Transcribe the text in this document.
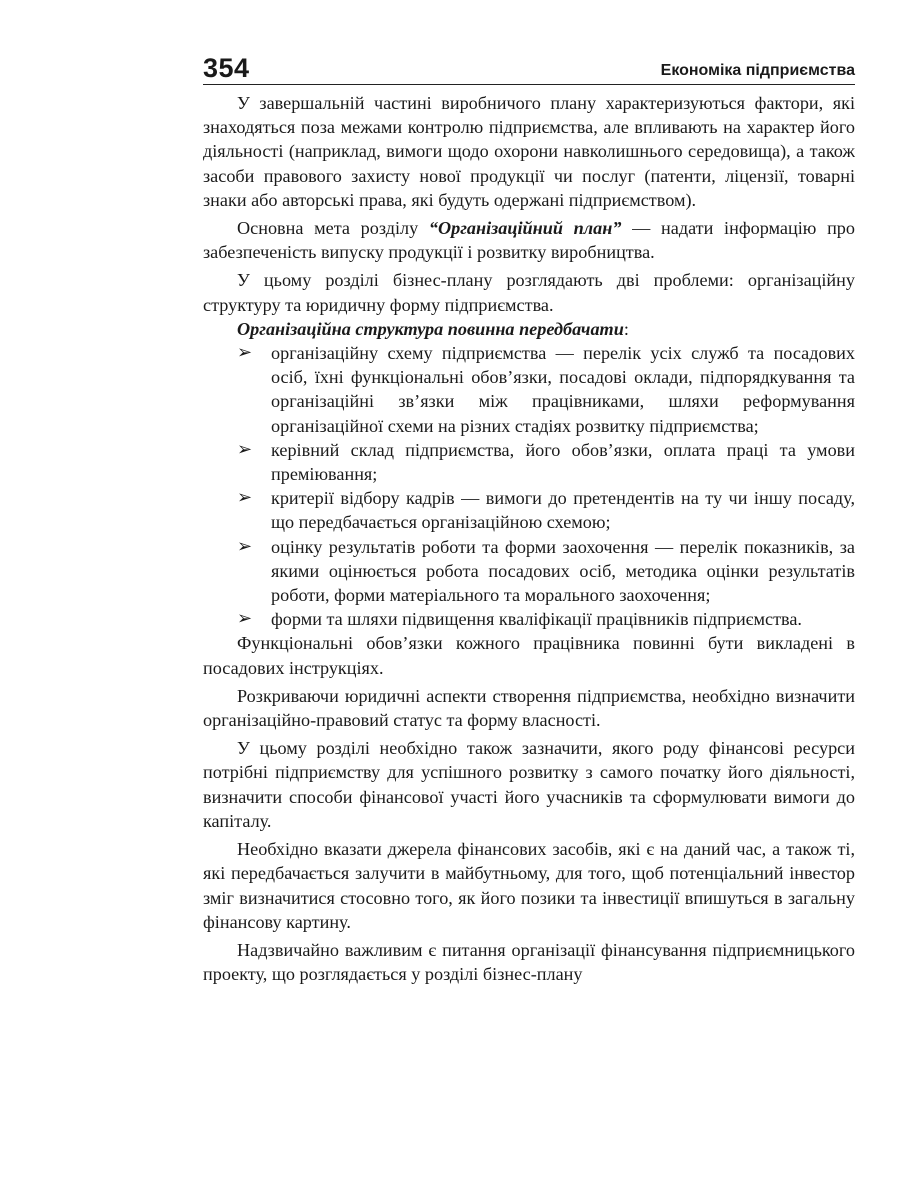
354	Економіка підприємства

У завершальній частині виробничого плану характеризуються фактори, які знаходяться поза межами контролю підприємства, але впливають на характер його діяльності (наприклад, вимоги щодо охорони навколишнього середовища), а також засоби правового захисту нової продукції чи послуг (патенти, ліцензії, товарні знаки або авторські права, які будуть одержані підприємством).

Основна мета розділу “Організаційний план” — надати інформацію про забезпеченість випуску продукції і розвитку виробництва.

У цьому розділі бізнес-плану розглядають дві проблеми: організаційну структуру та юридичну форму підприємства.

Організаційна структура повинна передбачати:

➢	організаційну схему підприємства — перелік усіх служб та посадових осіб, їхні функціональні обов’язки, посадові оклади, підпорядкування та організаційні зв’язки між працівниками, шляхи реформування організаційної схеми на різних стадіях розвитку підприємства;
➢	керівний склад підприємства, його обов’язки, оплата праці та умови преміювання;
➢	критерії відбору кадрів — вимоги до претендентів на ту чи іншу посаду, що передбачається організаційною схемою;
➢	оцінку результатів роботи та форми заохочення — перелік показників, за якими оцінюється робота посадових осіб, методика оцінки результатів роботи, форми матеріального та морального заохочення;
➢	форми та шляхи підвищення кваліфікації працівників підприємства.

Функціональні обов’язки кожного працівника повинні бути викладені в посадових інструкціях.

Розкриваючи юридичні аспекти створення підприємства, необхідно визначити організаційно-правовий статус та форму власності.

У цьому розділі необхідно також зазначити, якого роду фінансові ресурси потрібні підприємству для успішного розвитку з самого початку його діяльності, визначити способи фінансової участі його учасників та сформулювати вимоги до капіталу.

Необхідно вказати джерела фінансових засобів, які є на даний час, а також ті, які передбачається залучити в майбутньому, для того, щоб потенціальний інвестор зміг визначитися стосовно того, як його позики та інвестиції впишуться в загальну фінансову картину.

Надзвичайно важливим є питання організації фінансування підприємницького проекту, що розглядається у розділі бізнес-плану
